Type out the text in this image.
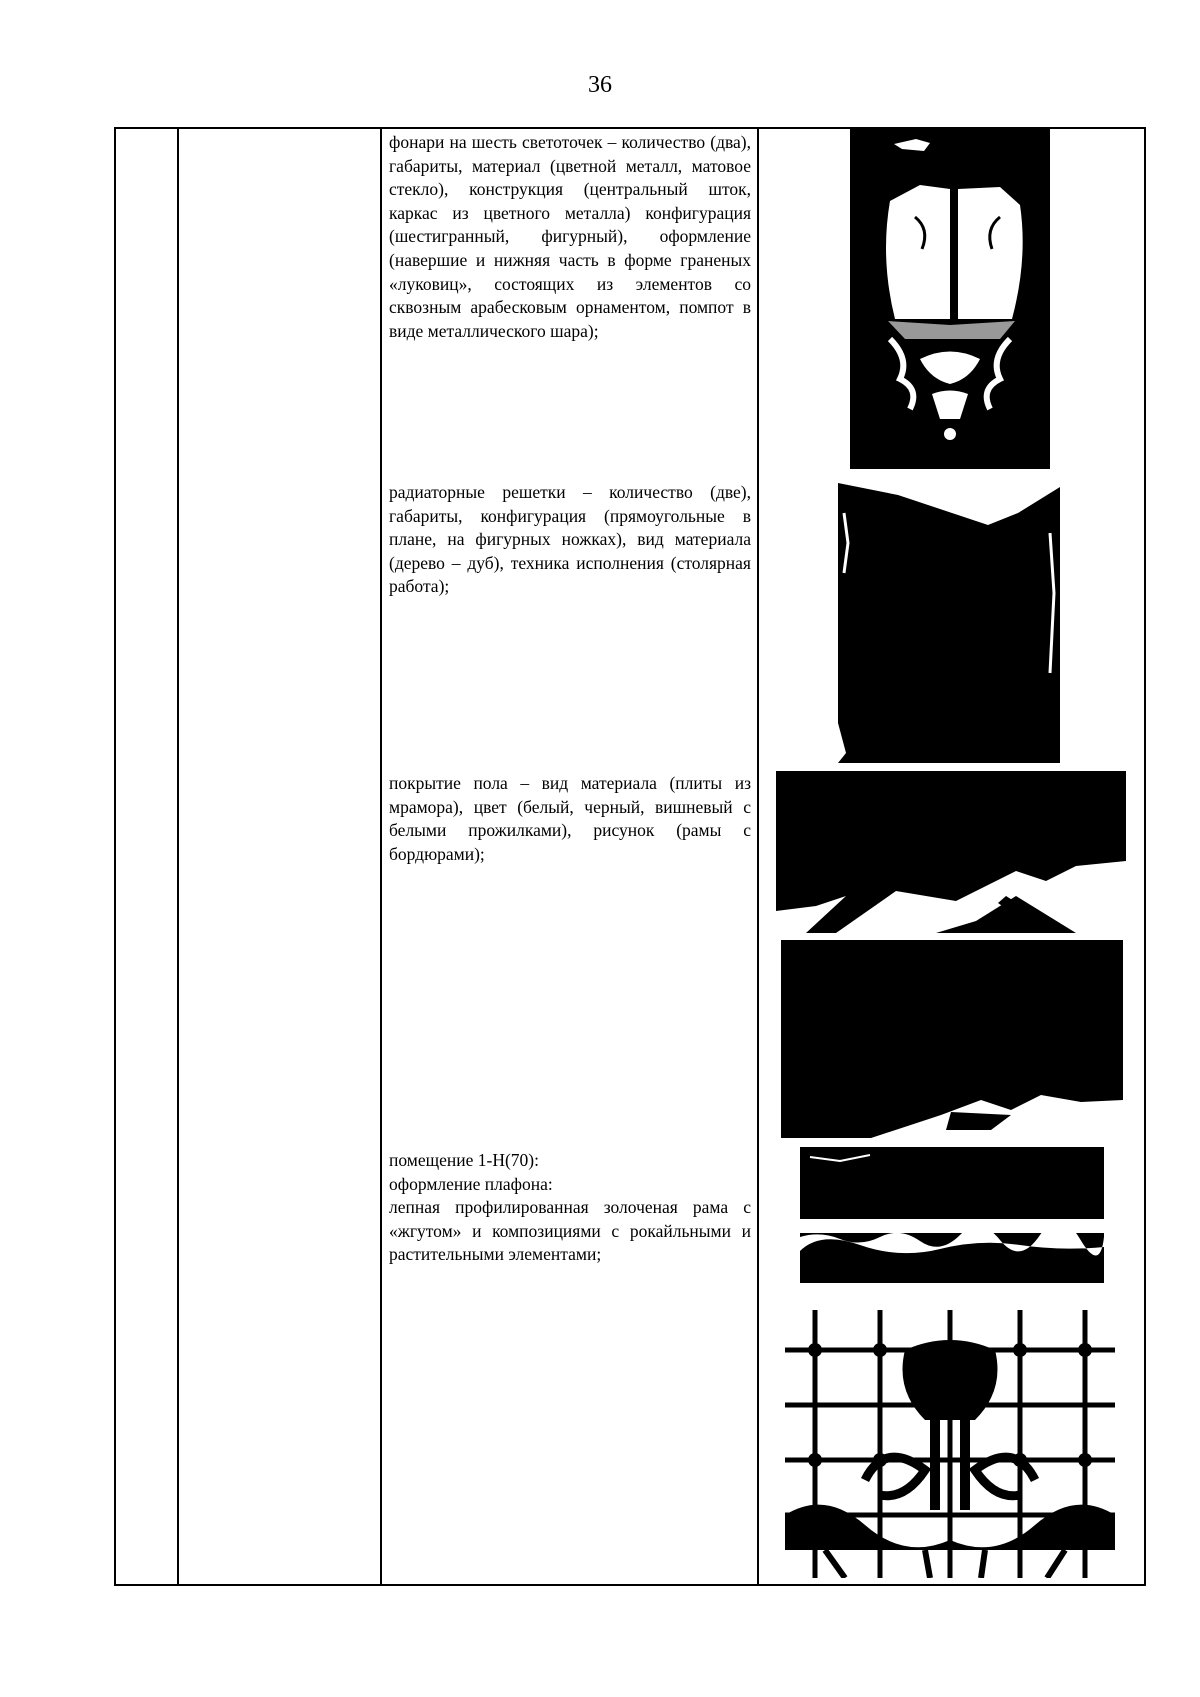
36

фонари на шесть светоточек – количество (два), габариты, материал (цветной металл, матовое стекло), конструкция (центральный шток, каркас из цветного металла) конфигурация (шестигранный, фигурный), оформление (навершие и нижняя часть в форме граненых «луковиц», состоящих из элементов со сквозным арабесковым орнаментом, помпот в виде металлического шара);

радиаторные решетки – количество (две), габариты, конфигурация (прямоугольные в плане, на фигурных ножках), вид материала (дерево – дуб), техника исполнения (столярная работа);

покрытие пола – вид материала (плиты из мрамора), цвет (белый, черный, вишневый с белыми прожилками), рисунок (рамы с бордюрами);

помещение 1-Н(70):

оформление плафона:

лепная профилированная золоченая рама с «жгутом» и композициями с рокайльными и растительными элементами;
